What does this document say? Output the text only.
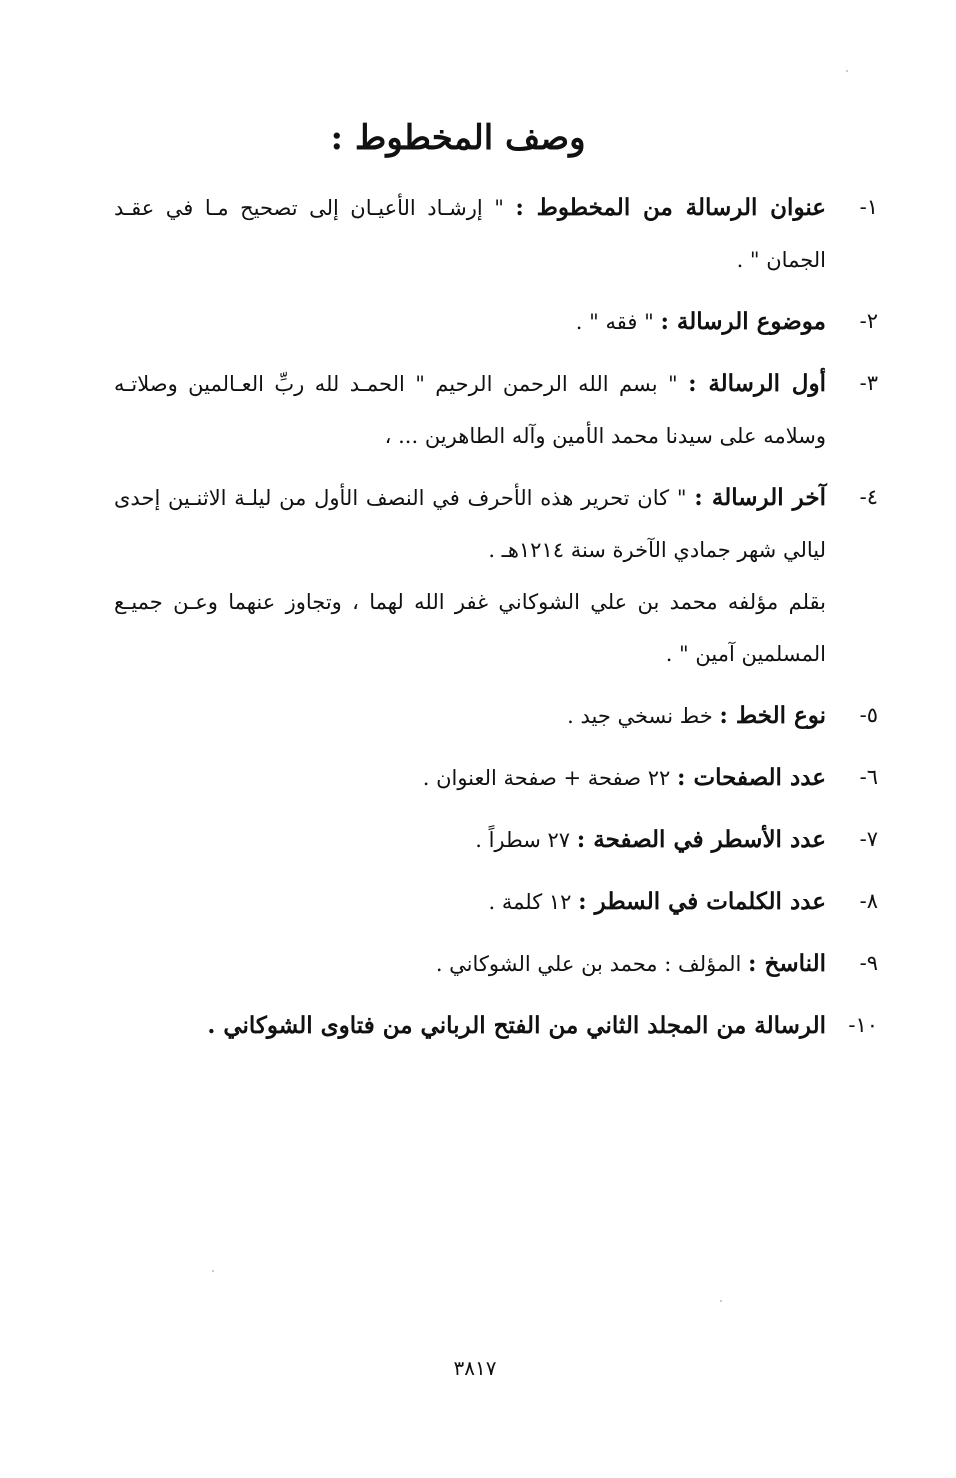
وصف المخطوط :
١-
عنوان الرسالة من المخطوط : " إرشـاد الأعيـان إلى تصحيح مـا في عقـد الجمان " .
٢-
موضوع الرسالة : " فقه " .
٣-
أول الرسالة : " بسم الله الرحمن الرحيم " الحمـد لله ربِّ العـالمين وصلاتـه وسلامه على سيدنا محمد الأمين وآله الطاهرين ... ،
٤-
آخر الرسالة : " كان تحرير هذه الأحرف في النصف الأول من ليلـة الاثنـين إحدى ليالي شهر جمادي الآخرة سنة ١٢١٤هـ .
بقلم مؤلفه محمد بن علي الشوكاني غفر الله لهما ، وتجاوز عنهما وعـن جميـع المسلمين آمين " .
٥-
نوع الخط : خط نسخي جيد .
٦-
عدد الصفحات : ٢٢ صفحة + صفحة العنوان .
٧-
عدد الأسطر في الصفحة : ٢٧ سطراً .
٨-
عدد الكلمات في السطر : ١٢ كلمة .
٩-
الناسخ : المؤلف : محمد بن علي الشوكاني .
١٠-
الرسالة من المجلد الثاني من الفتح الرباني من فتاوى الشوكاني .
٣٨١٧
